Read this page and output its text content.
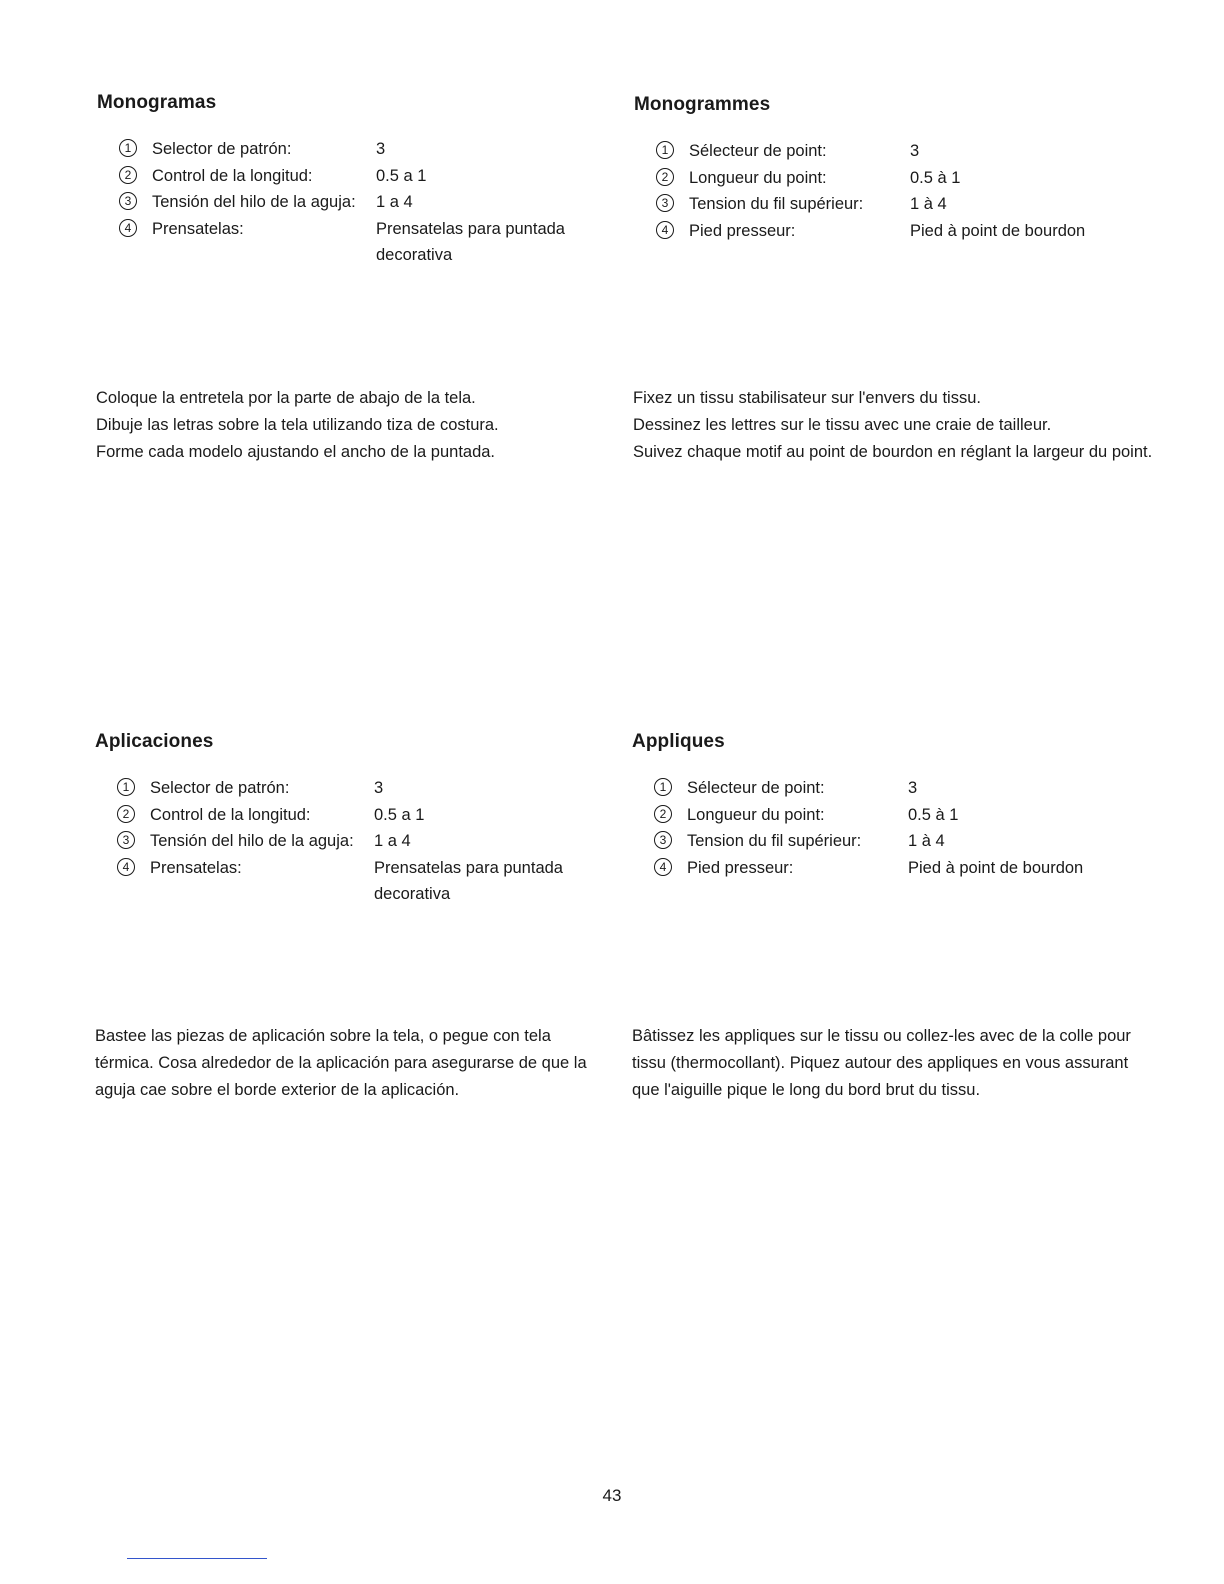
Monogramas
1	Selector de patrón:	3
2	Control de la longitud:	0.5 a 1
3	Tensión del hilo de la aguja:	1 a 4
4	Prensatelas:	Prensatelas para puntada decorativa
Coloque la entretela por la parte de abajo de la tela.
Dibuje las letras sobre la tela utilizando tiza de costura.
Forme cada modelo ajustando el ancho de la puntada.
Monogrammes
1	Sélecteur de point:	3
2	Longueur du point:	0.5 à 1
3	Tension du fil supérieur:	1 à 4
4	Pied presseur:	Pied à point de bourdon
Fixez un tissu stabilisateur sur l'envers du tissu.
Dessinez les lettres sur le tissu avec une craie de tailleur.
Suivez chaque motif au point de bourdon en réglant la largeur du point.
Aplicaciones
1	Selector de patrón:	3
2	Control de la longitud:	0.5 a 1
3	Tensión del hilo de la aguja:	1 a 4
4	Prensatelas:	Prensatelas para puntada decorativa
Bastee las piezas de aplicación sobre la tela, o pegue con tela térmica. Cosa alrededor de la aplicación para asegurarse de que la aguja cae sobre el borde exterior de la aplicación.
Appliques
1	Sélecteur de point:	3
2	Longueur du point:	0.5 à 1
3	Tension du fil supérieur:	1 à 4
4	Pied presseur:	Pied à point de bourdon
Bâtissez les appliques sur le tissu ou collez-les avec de la colle pour tissu (thermocollant). Piquez autour des appliques en vous assurant que l'aiguille pique le long du bord brut du tissu.
43
